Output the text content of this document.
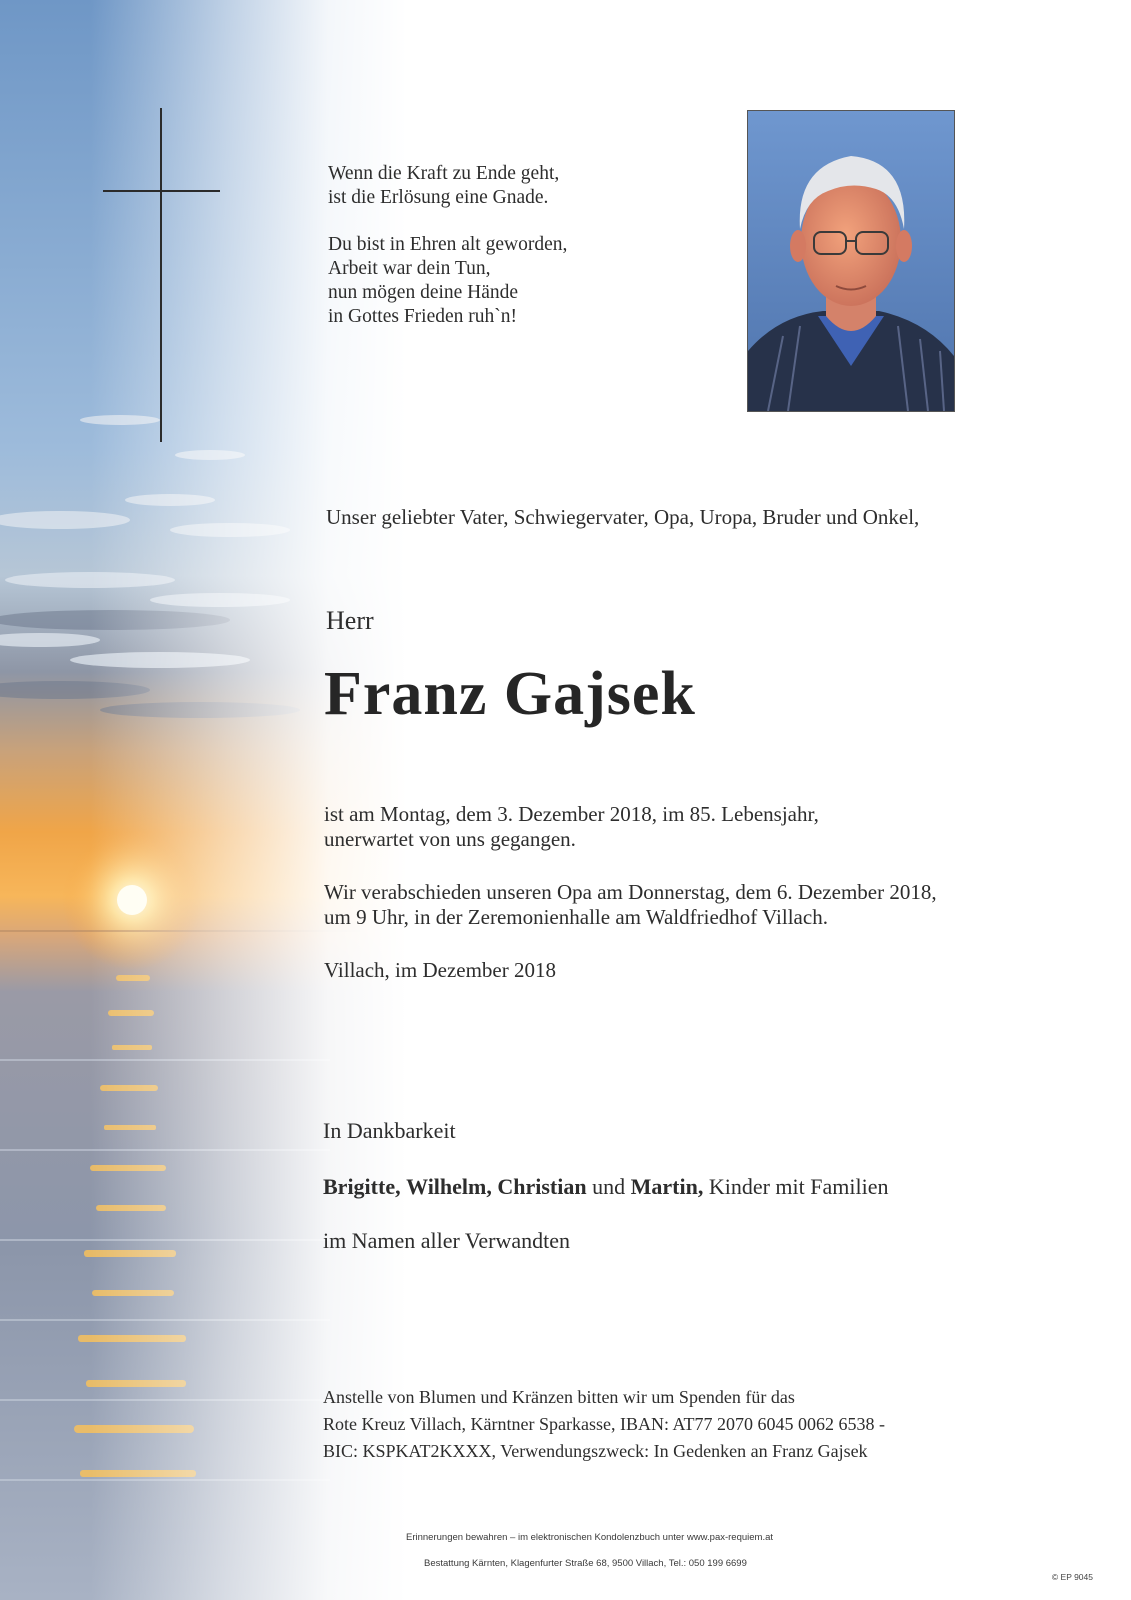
Wenn die Kraft zu Ende geht,

ist die Erlösung eine Gnade.

Du bist in Ehren alt geworden,

Arbeit war dein Tun,

nun mögen deine Hände

in Gottes Frieden ruh`n!

Unser geliebter Vater, Schwiegervater, Opa, Uropa, Bruder und Onkel,

Herr

Franz Gajsek

ist am Montag, dem 3. Dezember 2018, im 85. Lebensjahr,

unerwartet von uns gegangen.

Wir verabschieden unseren Opa am Donnerstag, dem 6. Dezember 2018,

um 9 Uhr, in der Zeremonienhalle am Waldfriedhof Villach.

Villach, im Dezember 2018

In Dankbarkeit

Brigitte, Wilhelm, Christian und Martin, Kinder mit Familien

im Namen aller Verwandten

Anstelle von Blumen und Kränzen bitten wir um Spenden für das

Rote Kreuz Villach, Kärntner Sparkasse, IBAN: AT77 2070 6045 0062 6538 -

BIC: KSPKAT2KXXX, Verwendungszweck: In Gedenken an Franz Gajsek

Erinnerungen bewahren – im elektronischen Kondolenzbuch unter www.pax-requiem.at

Bestattung Kärnten, Klagenfurter Straße 68, 9500 Villach, Tel.: 050 199 6699

© EP 9045
